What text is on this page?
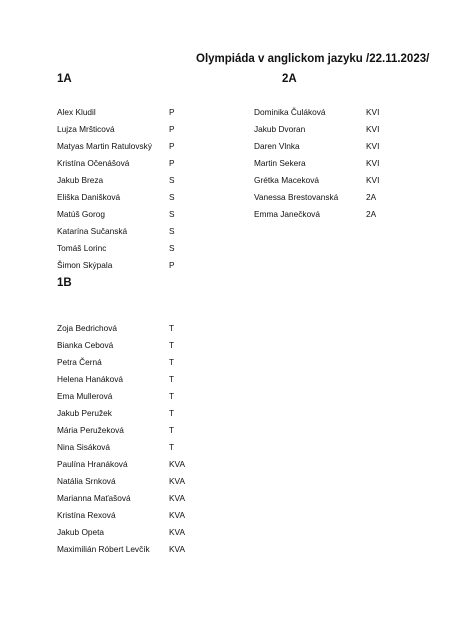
Olympiáda v anglickom jazyku /22.11.2023/
1A	2A
1B
Alex Kludil	P
Lujza Mršticová	P
Matyas Martin Ratulovský P
Kristína Očenášová	P
Jakub Breza	S
Eliška Danišková	S
Matúš Gorog	S
Katarína Sučanská	S
Tomáš Lorinc	S
Šimon Skýpala	P
Dominika Čuláková	KVI
Jakub Dvoran	KVI
Daren Vlnka	KVI
Martin Sekera	KVI
Grétka Maceková	KVI
Vanessa Brestovanská	2A
Emma Janečková	2A
Zoja Bedrichová	T
Bianka Cebová	T
Petra Černá	T
Helena Hanáková	T
Ema Mullerová	T
Jakub Peružek	T
Mária Peružeková	T
Nina Sisáková	T
Paulína Hranáková	KVA
Natália Srnková	KVA
Marianna Maťašová	KVA
Kristína Rexová	KVA
Jakub Opeta	KVA
Maximilián Róbert Levčík KVA
